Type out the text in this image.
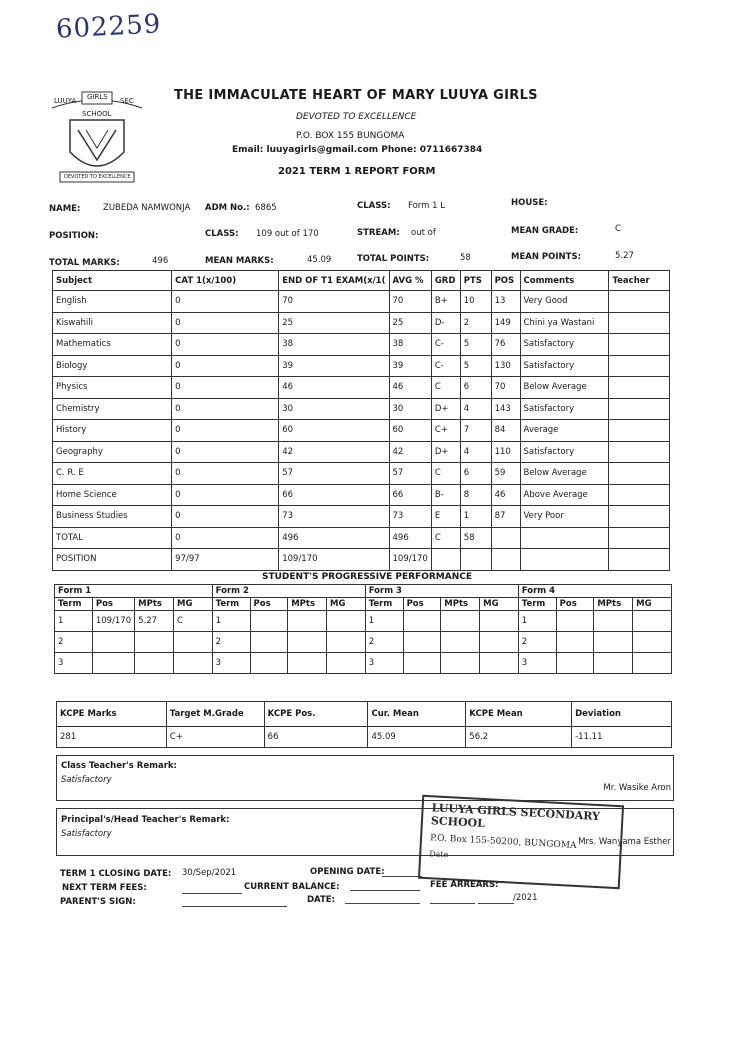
602259
LUUYA GIRLS SEC
SCHOOL
DEVOTED TO EXCELLENCE
THE IMMACULATE HEART OF MARY LUUYA GIRLS
DEVOTED TO EXCELLENCE
P.O. BOX 155 BUNGOMA
Email: luuyagirls@gmail.com Phone: 0711667384
2021 TERM 1 REPORT FORM
NAME:	ZUBEDA NAMWONJA ADM No.: 6865	CLASS: Form 1 L	HOUSE:
POSITION:	CLASS: 109 out of 170	STREAM: out of	MEAN GRADE:	C
TOTAL MARKS:	496	MEAN MARKS:	45.09	TOTAL POINTS:	58	MEAN POINTS:	5.27
Subject	CAT 1(x/100)	END OF T1 EXAM(x/1(	AVG %	GRD	PTS	POS	Comments	Teacher
English	0	70	70	B+	10	13	Very Good	
Kiswahili	0	25	25	D-	2	149	Chini ya Wastani	
Mathematics	0	38	38	C-	5	76	Satisfactory	
Biology	0	39	39	C-	5	130	Satisfactory	
Physics	0	46	46	C	6	70	Below Average	
Chemistry	0	30	30	D+	4	143	Satisfactory	
History	0	60	60	C+	7	84	Average	
Geography	0	42	42	D+	4	110	Satisfactory	
C. R. E	0	57	57	C	6	59	Below Average	
Home Science	0	66	66	B-	8	46	Above Average	
Business Studies	0	73	73	E	1	87	Very Poor	
TOTAL	0	496	496	C	58			
POSITION	97/97	109/170	109/170					
STUDENT'S PROGRESSIVE PERFORMANCE
Form 1				Form 2				Form 3				Form 4			
Term	Pos	MPts	MG	Term	Pos	MPts	MG	Term	Pos	MPts	MG	Term	Pos	MPts	MG
1	109/170	5.27	C	1				1				1			
2				2				2				2			
3				3				3				3			
KCPE Marks	Target M.Grade	KCPE Pos.	Cur. Mean	KCPE Mean	Deviation
281	C+	66	45.09	56.2	-11.11
Class Teacher's Remark:
Satisfactory
Mr. Wasike Aron
Principal's/Head Teacher's Remark:
Satisfactory
Mrs. Wanyama Esther
LUUYA GIRLS SECONDARY SCHOOL
P.O. Box 155-50200, BUNGOMA
Date
TERM 1 CLOSING DATE: 30/Sep/2021	OPENING DATE:
NEXT TERM FEES:	CURRENT BALANCE:	FEE ARREARS:
PARENT'S SIGN:	DATE:	/2021
